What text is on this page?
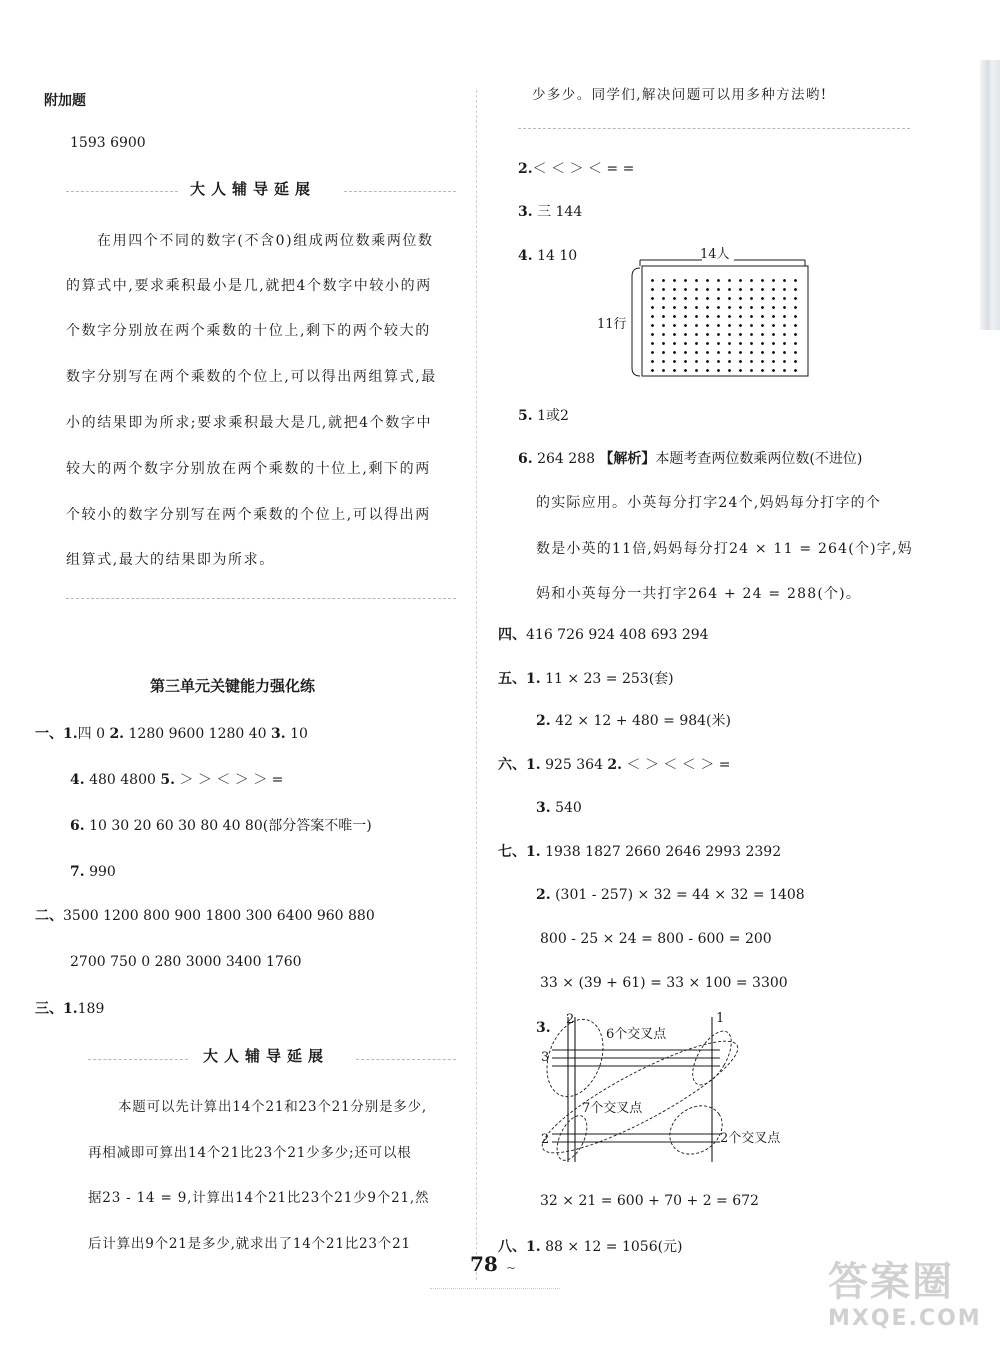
附加题
1593 6900
大人辅导延展
在用四个不同的数字(不含0)组成两位数乘两位数
的算式中,要求乘积最小是几,就把4个数字中较小的两
个数字分别放在两个乘数的十位上,剩下的两个较大的
数字分别写在两个乘数的个位上,可以得出两组算式,最
小的结果即为所求;要求乘积最大是几,就把4个数字中
较大的两个数字分别放在两个乘数的十位上,剩下的两
个较小的数字分别写在两个乘数的个位上,可以得出两
组算式,最大的结果即为所求。
第三单元关键能力强化练
一、1.四 0 2. 1280 9600 1280 40 3. 10
4. 480 4800 5. ＞ ＞ ＜ ＞ ＞ =
6. 10 30 20 60 30 80 40 80(部分答案不唯一)
7. 990
二、3500 1200 800 900 1800 300 6400 960 880
2700 750 0 280 3000 3400 1760
三、1.189
大人辅导延展
本题可以先计算出14个21和23个21分别是多少,
再相减即可算出14个21比23个21少多少;还可以根
据23 - 14 = 9,计算出14个21比23个21少9个21,然
后计算出9个21是多少,就求出了14个21比23个21
少多少。同学们,解决问题可以用多种方法哟!
2.＜ ＜ ＞ ＜ = =
3. 三 144
4. 14 10	14人
11行
5. 1或2
6. 264 288 【解析】本题考查两位数乘两位数(不进位)
的实际应用。小英每分打字24个,妈妈每分打字的个
数是小英的11倍,妈妈每分打24 × 11 = 264(个)字,妈
妈和小英每分一共打字264 + 24 = 288(个)。
四、416 726 924 408 693 294
五、1. 11 × 23 = 253(套)
2. 42 × 12 + 480 = 984(米)
六、1. 925 364 2. ＜ ＞ ＜ ＜ ＞ =
3. 540
七、1. 1938 1827 2660 2646 2993 2392
2. (301 - 257) × 32 = 44 × 32 = 1408
800 - 25 × 24 = 800 - 600 = 200
33 × (39 + 61) = 33 × 100 = 3300
3.
2	1
3
2
6个交叉点
7个交叉点
2个交叉点
32 × 21 = 600 + 70 + 2 = 672
八、1. 88 × 12 = 1056(元)
78 ~	答案圈
MXQE.COM
